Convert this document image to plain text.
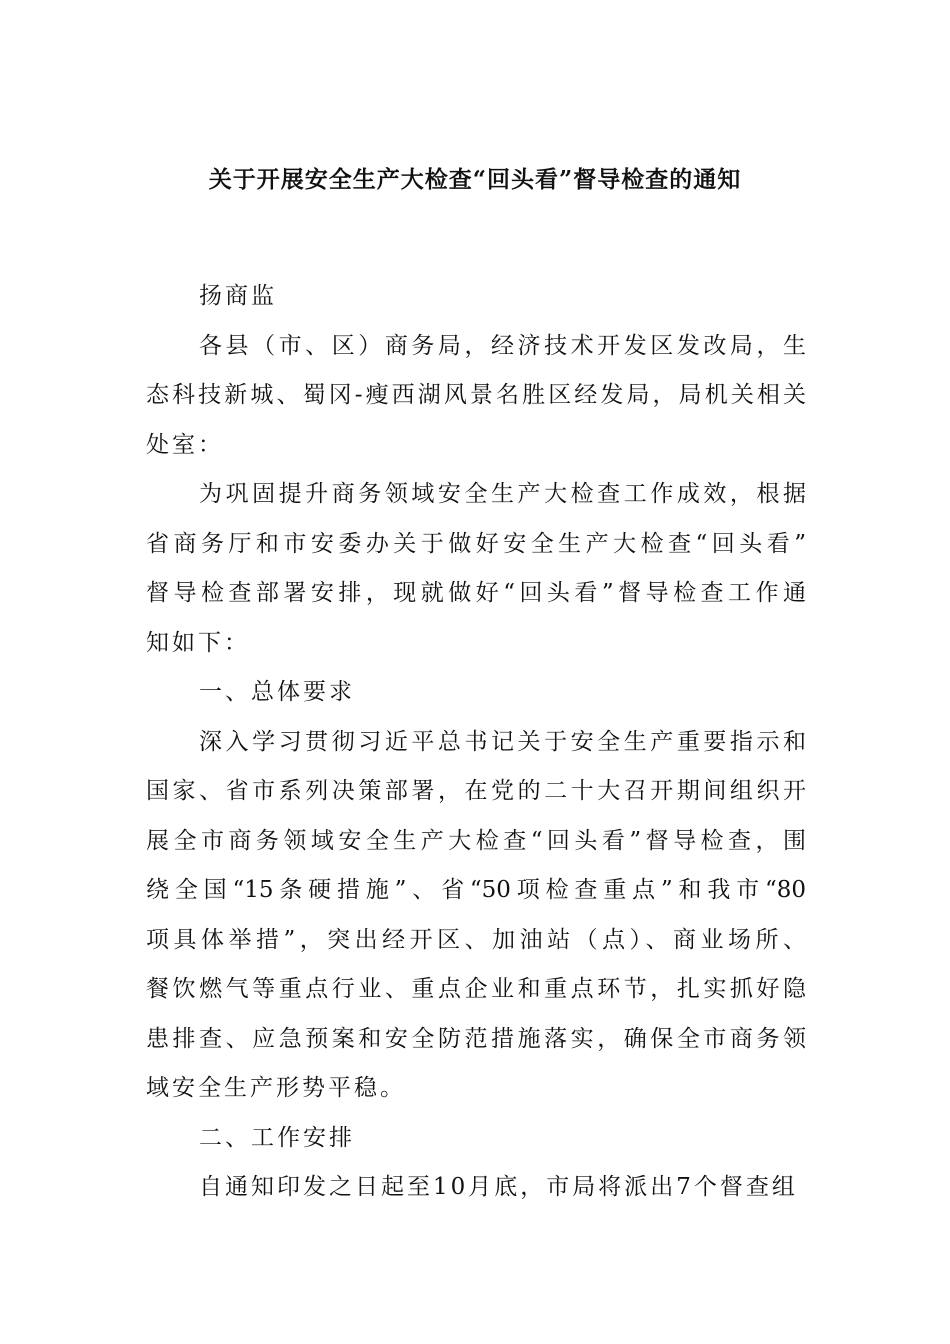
关于开展安全生产大检查“回头看”督导检查的通知
扬商监
各县（市、区）商务局，经济技术开发区发改局，生
态科技新城、蜀冈-瘦西湖风景名胜区经发局，局机关相关
处室：
为巩固提升商务领域安全生产大检查工作成效，根据
省商务厅和市安委办关于做好安全生产大检查“回头看”
督导检查部署安排，现就做好“回头看”督导检查工作通
知如下：
一、总体要求
深入学习贯彻习近平总书记关于安全生产重要指示和
国家、省市系列决策部署，在党的二十大召开期间组织开
展全市商务领域安全生产大检查“回头看”督导检查，围
绕全国“15条硬措施”、省“50项检查重点”和我市“80
项具体举措”，突出经开区、加油站（点）、商业场所、
餐饮燃气等重点行业、重点企业和重点环节，扎实抓好隐
患排查、应急预案和安全防范措施落实，确保全市商务领
域安全生产形势平稳。
二、工作安排
自通知印发之日起至10月底，市局将派出7个督查组
